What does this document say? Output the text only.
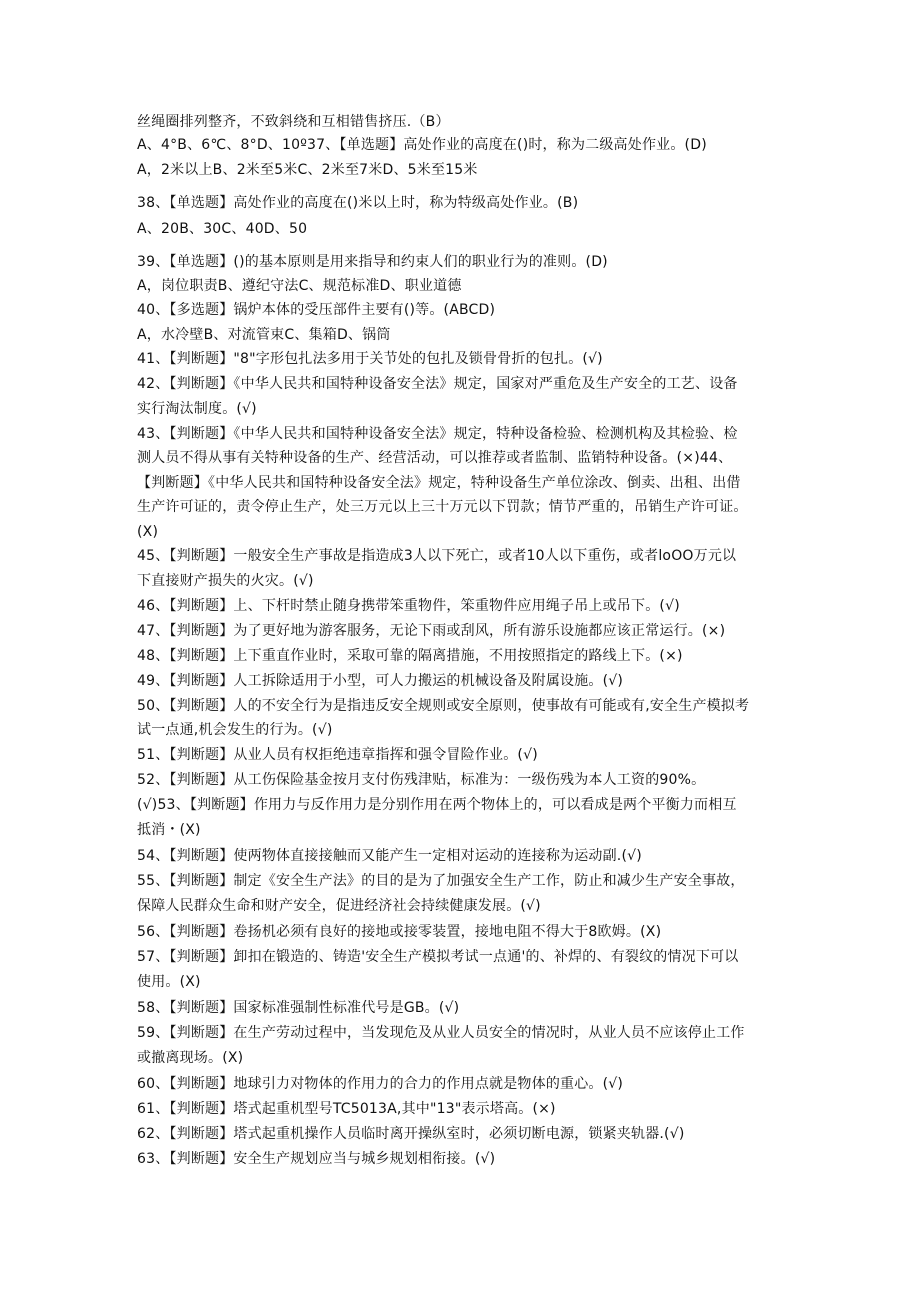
丝绳圈排列整齐，不致斜绕和互相错售挤压.（B）
A、4°B、6℃、8°D、10º37、【单选题】高处作业的高度在()时，称为二级高处作业。(D)
A，2米以上B、2米至5米C、2米至7米D、5米至15米
38、【单选题】高处作业的高度在()米以上时，称为特级高处作业。(B)
A、20B、30C、40D、50
39、【单选题】()的基本原则是用来指导和约束人们的职业行为的准则。(D)
A，岗位职责B、遵纪守法C、规范标准D、职业道德
40、【多选题】锅炉本体的受压部件主要有()等。(ABCD)
A，水冷壁B、对流管束C、集箱D、锅筒
41、【判断题】"8"字形包扎法多用于关节处的包扎及锁骨骨折的包扎。(√)
42、【判断题】《中华人民共和国特种设备安全法》规定，国家对严重危及生产安全的工艺、设备
实行淘汰制度。(√)
43、【判断题】《中华人民共和国特种设备安全法》规定，特种设备检验、检测机构及其检验、检
测人员不得从事有关特种设备的生产、经营活动，可以推荐或者监制、监销特种设备。(×)44、
【判断题】《中华人民共和国特种设备安全法》规定，特种设备生产单位涂改、倒卖、出租、出借
生产许可证的，责令停止生产，处三万元以上三十万元以下罚款；情节严重的，吊销生产许可证。
(X)
45、【判断题】一般安全生产事故是指造成3人以下死亡，或者10人以下重伤，或者loOO万元以
下直接财产损失的火灾。(√)
46、【判断题】上、下杆时禁止随身携带笨重物件，笨重物件应用绳子吊上或吊下。(√)
47、【判断题】为了更好地为游客服务，无论下雨或刮风，所有游乐设施都应该正常运行。(×)
48、【判断题】上下重直作业时，采取可靠的隔离措施，不用按照指定的路线上下。(×)
49、【判断题】人工拆除适用于小型，可人力搬运的机械设备及附属设施。(√)
50、【判断题】人的不安全行为是指违反安全规则或安全原则，使事故有可能或有,安全生产模拟考
试一点通,机会发生的行为。(√)
51、【判断题】从业人员有权拒绝违章指挥和强令冒险作业。(√)
52、【判断题】从工伤保险基金按月支付伤残津贴，标准为：一级伤残为本人工资的90%。
(√)53、【判断题】作用力与反作用力是分别作用在两个物体上的，可以看成是两个平衡力而相互
抵消・(X)
54、【判断题】使两物体直接接触而又能产生一定相对运动的连接称为运动副.(√)
55、【判断题】制定《安全生产法》的目的是为了加强安全生产工作，防止和减少生产安全事故，
保障人民群众生命和财产安全，促进经济社会持续健康发展。(√)
56、【判断题】卷扬机必须有良好的接地或接零装置，接地电阻不得大于8欧姆。(X)
57、【判断题】卸扣在锻造的、铸造'安全生产模拟考试一点通'的、补焊的、有裂纹的情况下可以
使用。(X)
58、【判断题】国家标准强制性标准代号是GB。(√)
59、【判断题】在生产劳动过程中，当发现危及从业人员安全的情况时，从业人员不应该停止工作
或撤离现场。(X)
60、【判断题】地球引力对物体的作用力的合力的作用点就是物体的重心。(√)
61、【判断题】塔式起重机型号TC5013A,其中"13"表示塔高。(×)
62、【判断题】塔式起重机操作人员临时离开操纵室时，必须切断电源，锁紧夹轨器.(√)
63、【判断题】安全生产规划应当与城乡规划相衔接。(√)
